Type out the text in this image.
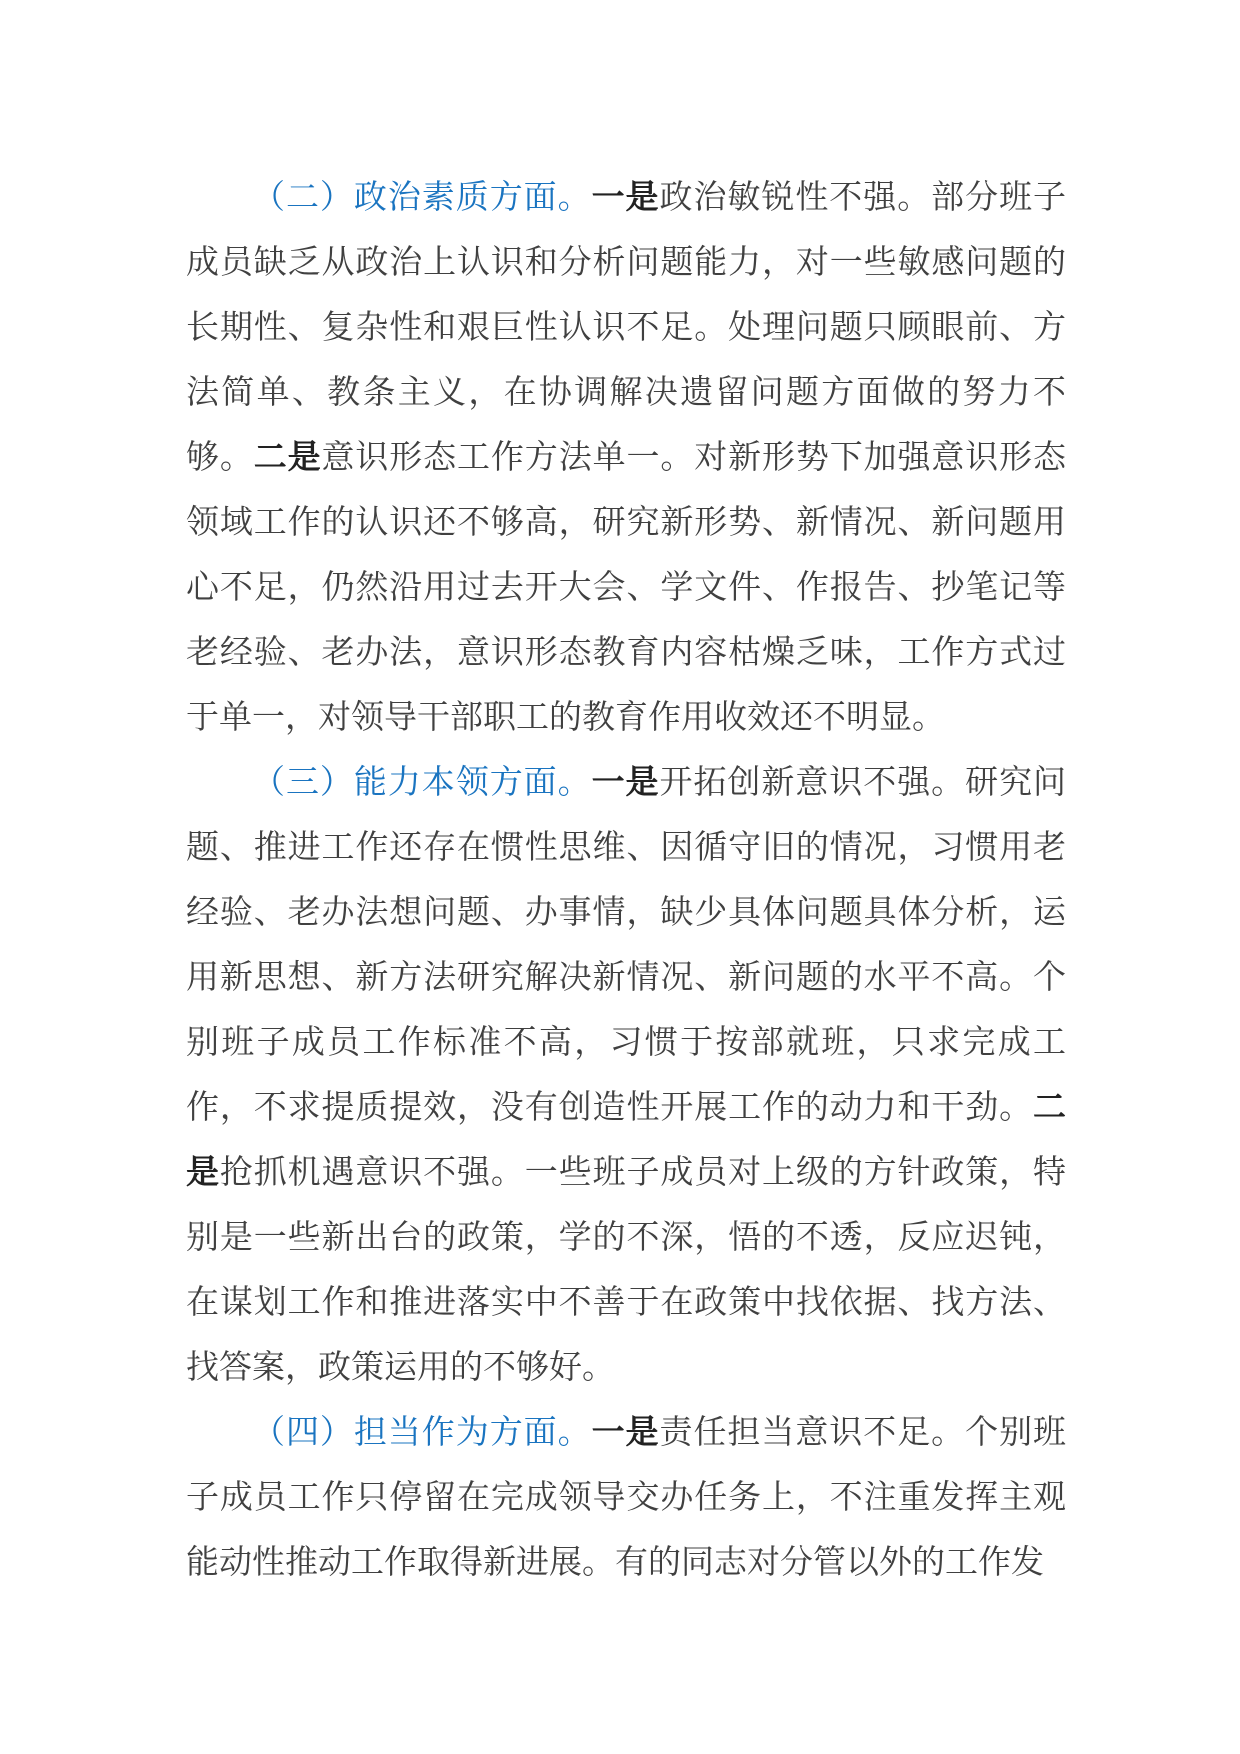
（二）政治素质方面。一是政治敏锐性不强。部分班子成员缺乏从政治上认识和分析问题能力，对一些敏感问题的长期性、复杂性和艰巨性认识不足。处理问题只顾眼前、方法简单、教条主义，在协调解决遗留问题方面做的努力不够。二是意识形态工作方法单一。对新形势下加强意识形态领域工作的认识还不够高，研究新形势、新情况、新问题用心不足，仍然沿用过去开大会、学文件、作报告、抄笔记等老经验、老办法，意识形态教育内容枯燥乏味，工作方式过于单一，对领导干部职工的教育作用收效还不明显。

（三）能力本领方面。一是开拓创新意识不强。研究问题、推进工作还存在惯性思维、因循守旧的情况，习惯用老经验、老办法想问题、办事情，缺少具体问题具体分析，运用新思想、新方法研究解决新情况、新问题的水平不高。个别班子成员工作标准不高，习惯于按部就班，只求完成工作，不求提质提效，没有创造性开展工作的动力和干劲。二是抢抓机遇意识不强。一些班子成员对上级的方针政策，特别是一些新出台的政策，学的不深，悟的不透，反应迟钝，在谋划工作和推进落实中不善于在政策中找依据、找方法、找答案，政策运用的不够好。

（四）担当作为方面。一是责任担当意识不足。个别班子成员工作只停留在完成领导交办任务上，不注重发挥主观能动性推动工作取得新进展。有的同志对分管以外的工作发
